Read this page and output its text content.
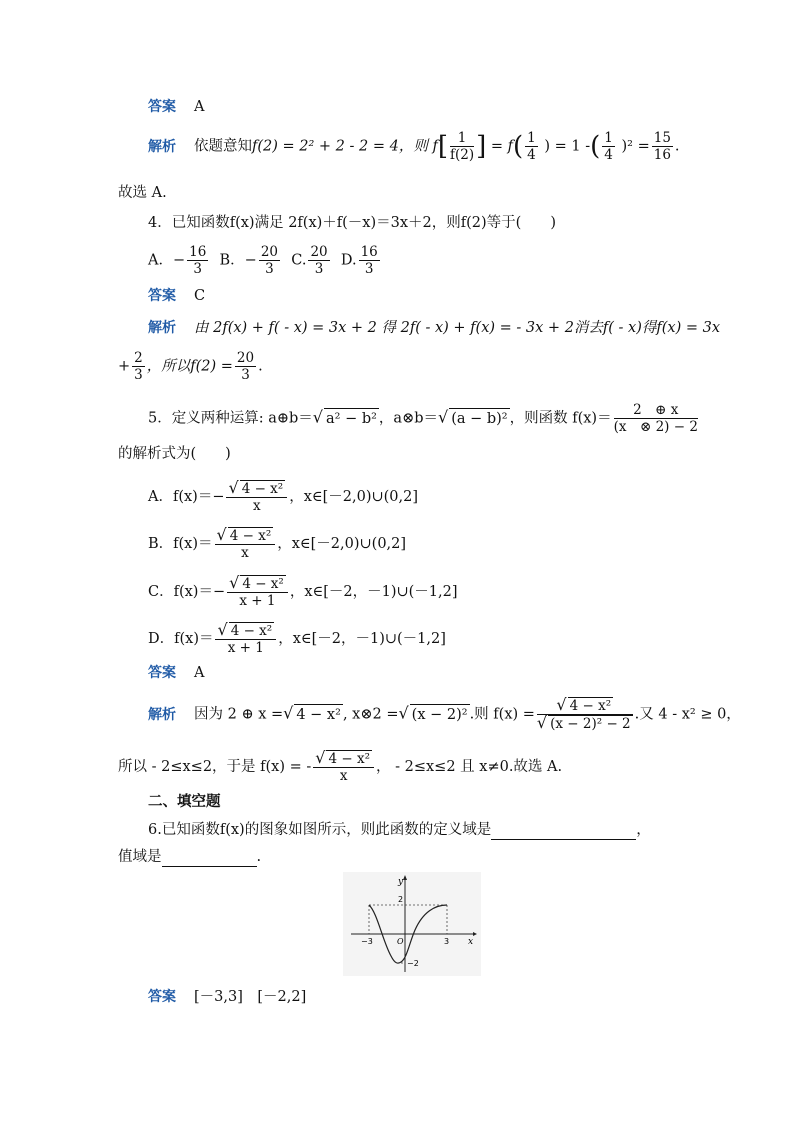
答案 A
解析 依题意知f(2) = 2² + 2 - 2 = 4，则 $f[ \frac{1}{f(2)}$ ] = $f( \frac{1}{4}$ ) = 1 -( $\frac{1}{4} )^2 = \frac{15}{16}$ .
故选 A.
4．已知函数f(x)满足 2f(x)＋f(－x)＝3x＋2，则f(2)等于(　　)
A．− $\frac{16}{3}$ B．− $\frac{20}{3} C$. $\frac{20}{3} D$. $\frac{16}{3}$
答案 C
解析 由 2f(x) + f( - x) = 3x + 2 得 2f( - x) + f(x) = - 3x + 2消去f( - x)得f(x) = 3x
+ $\frac{2}{3}$ ，所以$f(2) = \frac{20}{3}$ .
5．定义两种运算: a⊕b＝√ a² − b² ，a⊗b＝√ (a − b)² ，则函数 $f(x)= \frac{2 \oplus x}{(x \otimes 2) - 2}$
的解析式为(　　)
A．$f(x)=- \frac{\text{√ 4 − x²}}{x}$ ，x∈[－2,0)∪(0,2]
B．$f(x)= \frac{\text{√ 4 − x²}}{x}$ ，x∈[－2,0)∪(0,2]
C．$f(x)=- \frac{\text{√ 4 − x²}}{x + 1}$ ，x∈[－2，－1)∪(－1,2]
D．$f(x)= \frac{\text{√ 4 − x²}}{x + 1}$ ，x∈[－2，－1)∪(－1,2]
答案 A
解析 因为 2 ⊕ x =√ 4 − x² , x⊗2 =√ (x − 2)² .则 $f(x) = \frac{\text{√ 4 − x²}}{\text{√ (x − 2)² − 2}}$ .又 4 - x² ≥ 0，
所以 - 2≤x≤2，于是 f(x) = - $\frac{\text{√ 4 − x²}}{x}$ ， - 2≤x≤2 且 x≠0.故选 A.
二、填空题
6.已知函数f(x)的图象如图所示，则此函数的定义域是	，
值域是	.
y
x
2
−2
−3	3
O
答案 [－3,3]　[－2,2]
